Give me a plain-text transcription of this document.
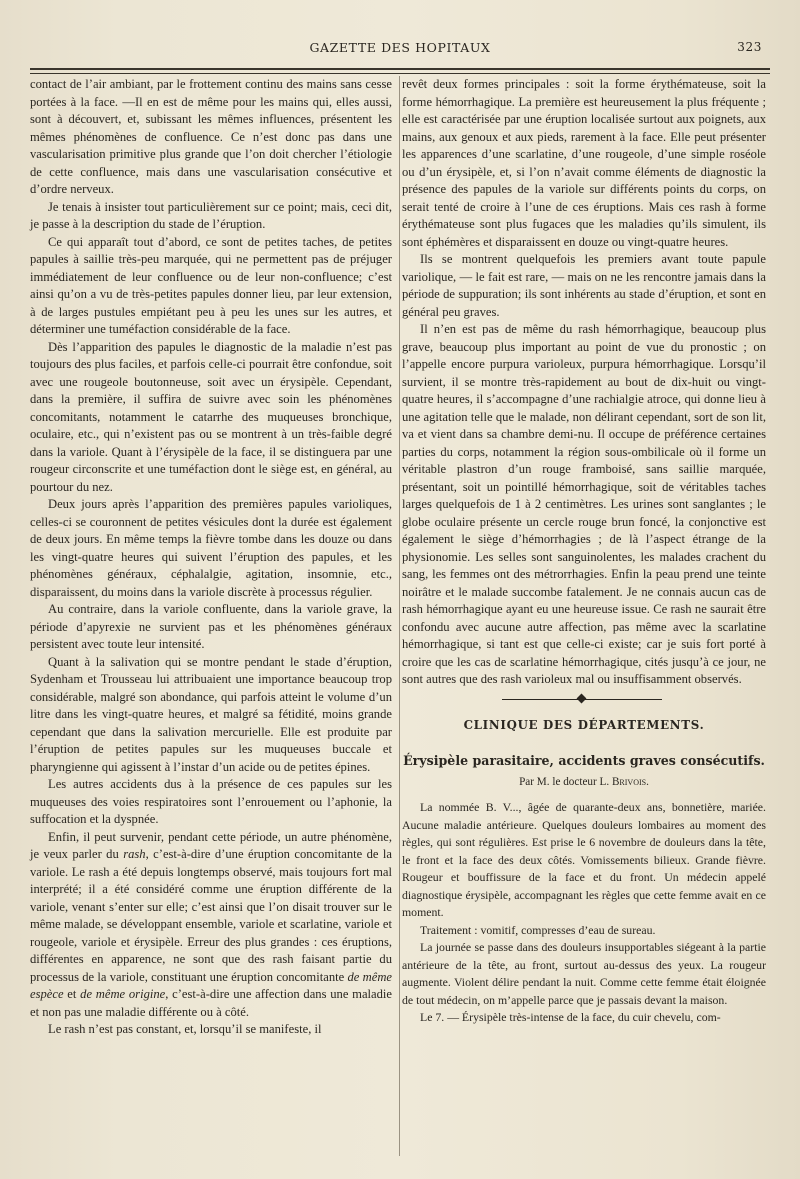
GAZETTE DES HOPITAUX	323

contact de l’air ambiant, par le frottement continu des mains sans cesse portées à la face. —Il en est de même pour les mains qui, elles aussi, sont à découvert, et, subissant les mêmes influences, présentent les mêmes phénomènes de confluence. Ce n’est donc pas dans une vascularisation primitive plus grande que l’on doit chercher l’étiologie de cette confluence, mais dans une vascularisation consécutive et d’ordre nerveux.

Je tenais à insister tout particulièrement sur ce point; mais, ceci dit, je passe à la description du stade de l’éruption.

Ce qui apparaît tout d’abord, ce sont de petites taches, de petites papules à saillie très-peu marquée, qui ne permettent pas de préjuger immédiatement de leur confluence ou de leur non-confluence; c’est ainsi qu’on a vu de très-petites papules donner lieu, par leur extension, à de larges pustules empiétant peu à peu les unes sur les autres, et déterminer une tuméfaction considérable de la face.

Dès l’apparition des papules le diagnostic de la maladie n’est pas toujours des plus faciles, et parfois celle-ci pourrait être confondue, soit avec une rougeole boutonneuse, soit avec un érysipèle. Cependant, dans la première, il suffira de suivre avec soin les phénomènes concomitants, notamment le catarrhe des muqueuses bronchique, oculaire, etc., qui n’existent pas ou se montrent à un très-faible degré dans la variole. Quant à l’érysipèle de la face, il se distinguera par une rougeur circonscrite et une tuméfaction dont le siège est, en général, au pourtour du nez.

Deux jours après l’apparition des premières papules varioliques, celles-ci se couronnent de petites vésicules dont la durée est également de deux jours. En même temps la fièvre tombe dans les douze ou dans les vingt-quatre heures qui suivent l’éruption des papules, et les phénomènes généraux, céphalalgie, agitation, insomnie, etc., disparaissent, du moins dans la variole discrète à processus régulier.

Au contraire, dans la variole confluente, dans la variole grave, la période d’apyrexie ne survient pas et les phénomènes généraux persistent avec toute leur intensité.

Quant à la salivation qui se montre pendant le stade d’éruption, Sydenham et Trousseau lui attribuaient une importance beaucoup trop considérable, malgré son abondance, qui parfois atteint le volume d’un litre dans les vingt-quatre heures, et malgré sa fétidité, moins grande cependant que dans la salivation mercurielle. Elle est produite par l’éruption de petites papules sur les muqueuses buccale et pharyngienne qui agissent à l’instar d’un acide ou de petites épines.

Les autres accidents dus à la présence de ces papules sur les muqueuses des voies respiratoires sont l’enrouement ou l’aphonie, la suffocation et la dyspnée.

Enfin, il peut survenir, pendant cette période, un autre phénomène, je veux parler du rash, c’est-à-dire d’une éruption concomitante de la variole. Le rash a été depuis longtemps observé, mais toujours fort mal interprété; il a été considéré comme une éruption différente de la variole, venant s’enter sur elle; c’est ainsi que l’on disait trouver sur le même malade, se développant ensemble, variole et scarlatine, variole et rougeole, variole et érysipèle. Erreur des plus grandes : ces éruptions, différentes en apparence, ne sont que des rash faisant partie du processus de la variole, constituant une éruption concomitante de même espèce et de même origine, c’est-à-dire une affection dans une maladie et non pas une maladie différente ou à côté.

Le rash n’est pas constant, et, lorsqu’il se manifeste, il

revêt deux formes principales : soit la forme érythémateuse, soit la forme hémorrhagique. La première est heureusement la plus fréquente ; elle est caractérisée par une éruption localisée surtout aux poignets, aux mains, aux genoux et aux pieds, rarement à la face. Elle peut présenter les apparences d’une scarlatine, d’une rougeole, d’une simple roséole ou d’un érysipèle, et, si l’on n’avait comme éléments de diagnostic la présence des papules de la variole sur différents points du corps, on serait tenté de croire à l’une de ces éruptions. Mais ces rash à forme érythémateuse sont plus fugaces que les maladies qu’ils simulent, ils sont éphémères et disparaissent en douze ou vingt-quatre heures.

Ils se montrent quelquefois les premiers avant toute papule variolique, — le fait est rare, — mais on ne les rencontre jamais dans la période de suppuration; ils sont inhérents au stade d’éruption, et sont en général peu graves.

Il n’en est pas de même du rash hémorrhagique, beaucoup plus grave, beaucoup plus important au point de vue du pronostic ; on l’appelle encore purpura varioleux, purpura hémorrhagique. Lorsqu’il survient, il se montre très-rapidement au bout de dix-huit ou vingt-quatre heures, il s’accompagne d’une rachialgie atroce, qui donne lieu à une agitation telle que le malade, non délirant cependant, sort de son lit, va et vient dans sa chambre demi-nu. Il occupe de préférence certaines parties du corps, notamment la région sous-ombilicale où il forme un véritable plastron d’un rouge framboisé, sans saillie marquée, présentant, soit un pointillé hémorrhagique, soit de véritables taches larges quelquefois de 1 à 2 centimètres. Les urines sont sanglantes ; le globe oculaire présente un cercle rouge brun foncé, la conjonctive est également le siège d’hémorrhagies ; de là l’aspect étrange de la physionomie. Les selles sont sanguinolentes, les malades crachent du sang, les femmes ont des métrorrhagies. Enfin la peau prend une teinte noirâtre et le malade succombe fatalement. Je ne connais aucun cas de rash hémorrhagique ayant eu une heureuse issue. Ce rash ne saurait être confondu avec aucune autre affection, pas même avec la scarlatine hémorrhagique, si tant est que celle-ci existe; car je suis fort porté à croire que les cas de scarlatine hémorrhagique, cités jusqu’à ce jour, ne sont autres que des rash varioleux mal ou insuffisamment observés.

CLINIQUE DES DÉPARTEMENTS.
Érysipèle parasitaire, accidents graves consécutifs.
Par M. le docteur L. Brivois.

La nommée B. V..., âgée de quarante-deux ans, bonnetière, mariée. Aucune maladie antérieure. Quelques douleurs lombaires au moment des règles, qui sont régulières. Est prise le 6 novembre de douleurs dans la tête, le front et la face des deux côtés. Vomissements bilieux. Grande fièvre. Rougeur et bouffissure de la face et du front. Un médecin appelé diagnostique érysipèle, accompagnant les règles que cette femme avait en ce moment.

Traitement : vomitif, compresses d’eau de sureau.

La journée se passe dans des douleurs insupportables siégeant à la partie antérieure de la tête, au front, surtout au-dessus des yeux. La rougeur augmente. Violent délire pendant la nuit. Comme cette femme était éloignée de tout médecin, on m’appelle parce que je passais devant la maison.

Le 7. — Érysipèle très-intense de la face, du cuir chevelu, com-
